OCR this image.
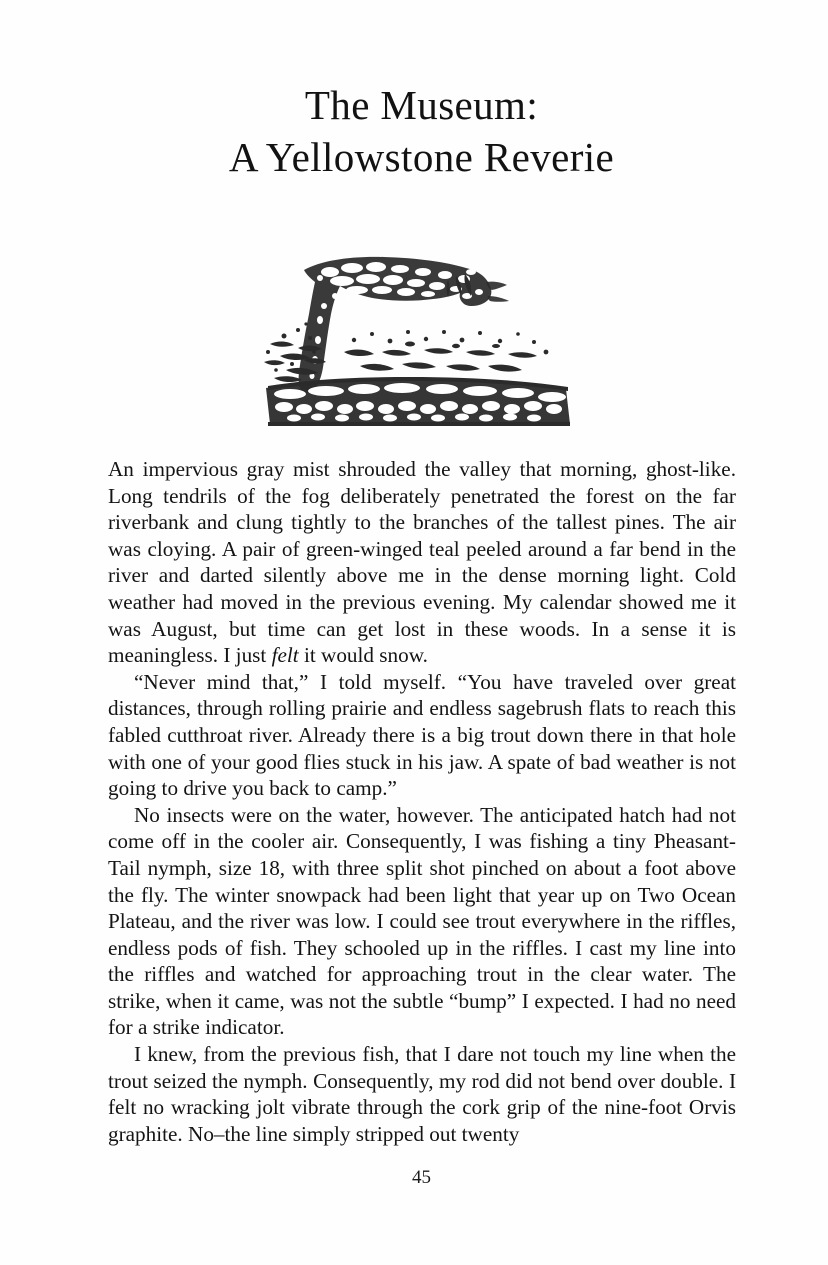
The Museum:
A Yellowstone Reverie

An impervious gray mist shrouded the valley that morning, ghost-like. Long tendrils of the fog deliberately penetrated the forest on the far riverbank and clung tightly to the branches of the tallest pines. The air was cloying. A pair of green-winged teal peeled around a far bend in the river and darted silently above me in the dense morning light. Cold weather had moved in the previous evening. My calendar showed me it was August, but time can get lost in these woods. In a sense it is meaningless. I just felt it would snow.

“Never mind that,” I told myself. “You have traveled over great distances, through rolling prairie and endless sagebrush flats to reach this fabled cutthroat river. Already there is a big trout down there in that hole with one of your good flies stuck in his jaw. A spate of bad weather is not going to drive you back to camp.”

No insects were on the water, however. The anticipated hatch had not come off in the cooler air. Consequently, I was fishing a tiny Pheasant-Tail nymph, size 18, with three split shot pinched on about a foot above the fly. The winter snowpack had been light that year up on Two Ocean Plateau, and the river was low. I could see trout everywhere in the riffles, endless pods of fish. They schooled up in the riffles. I cast my line into the riffles and watched for approaching trout in the clear water. The strike, when it came, was not the subtle “bump” I expected. I had no need for a strike indicator.

I knew, from the previous fish, that I dare not touch my line when the trout seized the nymph. Consequently, my rod did not bend over double. I felt no wracking jolt vibrate through the cork grip of the nine-foot Orvis graphite. No–the line simply stripped out twenty

45
